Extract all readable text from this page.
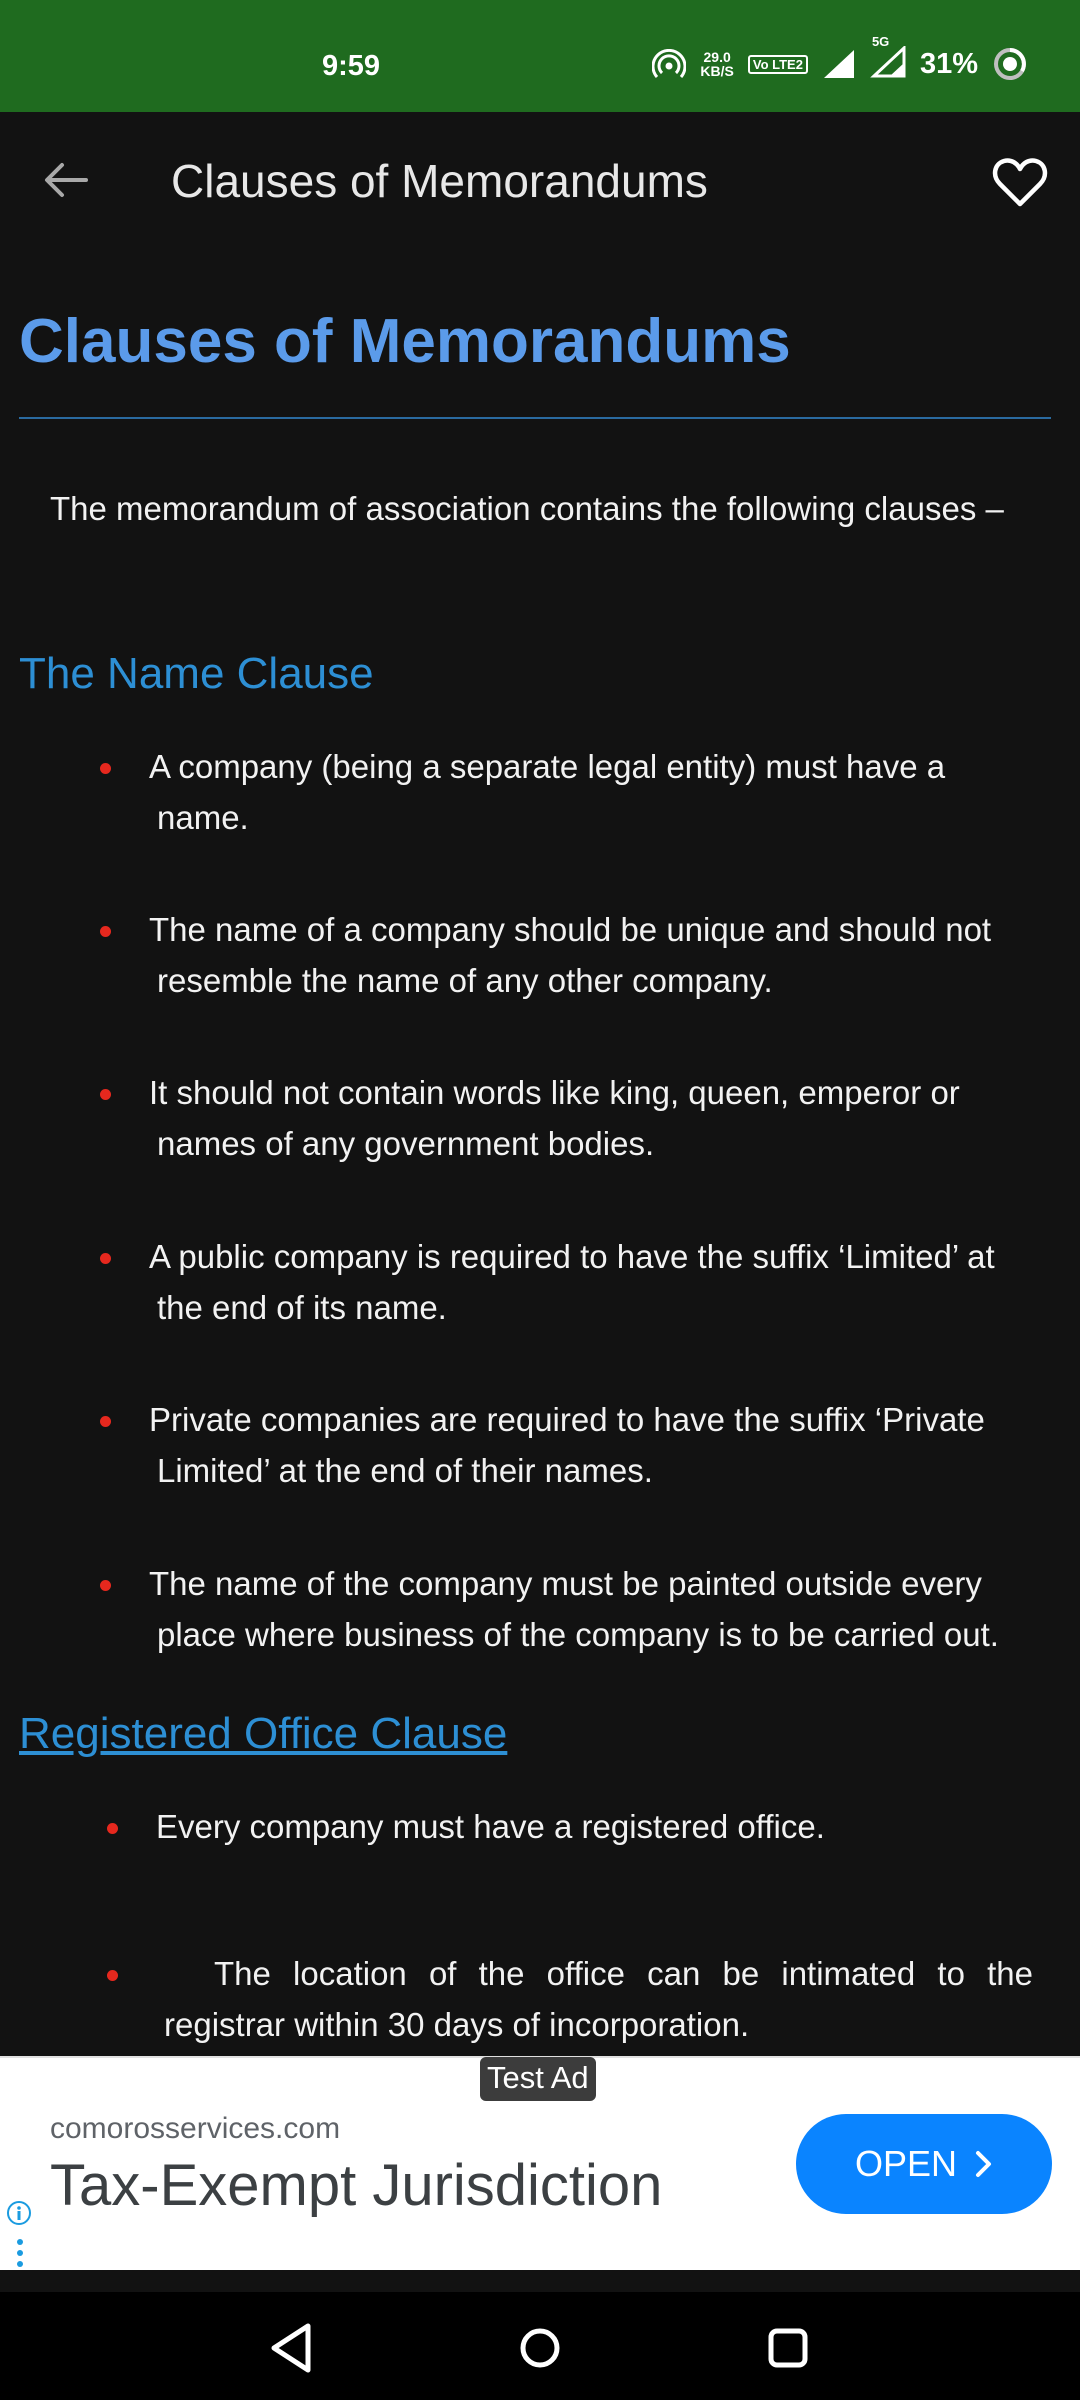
9:59	29.0
KB/S	Vo LTE2
5G
31%
Clauses of Memorandums
Clauses of Memorandums
The memorandum of association contains the following clauses –
The Name Clause
A company (being a separate legal entity) must have a
name.
The name of a company should be unique and should not
resemble the name of any other company.
It should not contain words like king, queen, emperor or
names of any government bodies.
A public company is required to have the suffix ‘Limited’ at
the end of its name.
Private companies are required to have the suffix ‘Private
Limited’ at the end of their names.
The name of the company must be painted outside every
place where business of the company is to be carried out.
Registered Office Clause
Every company must have a registered office.
The location of the office can be intimated to the
registrar within 30 days of incorporation.
Test Ad
comorosservices.com
Tax-Exempt Jurisdiction	OPEN
